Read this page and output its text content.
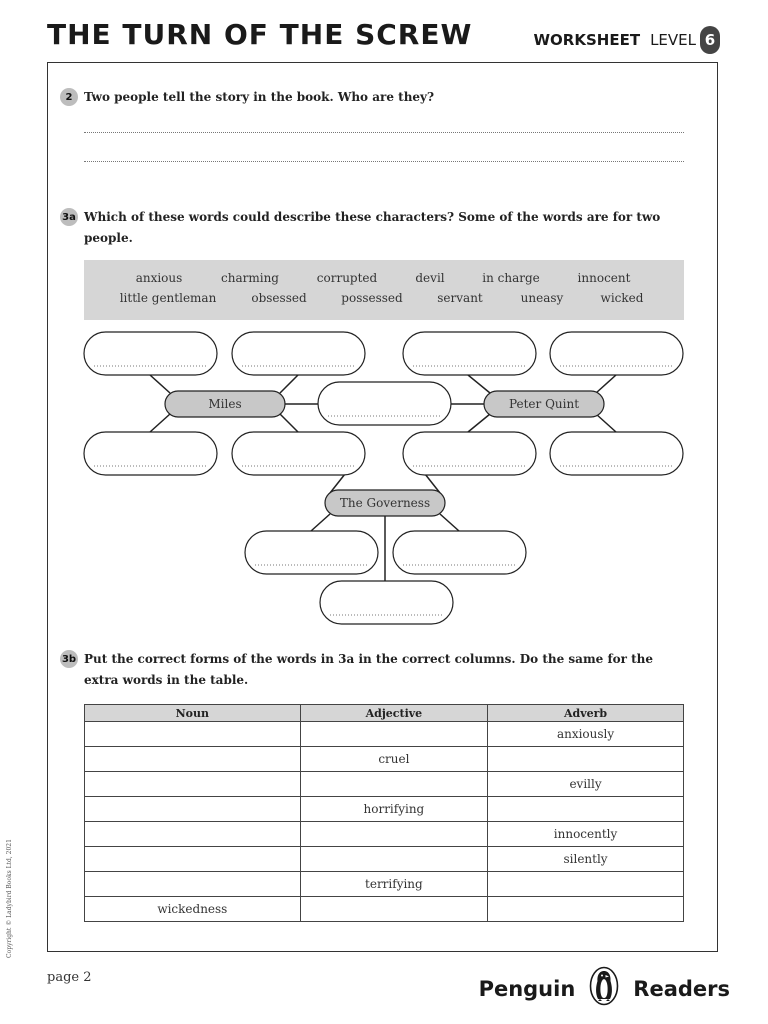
THE TURN OF THE SCREW	WORKSHEET LEVEL 6
2 Two people tell the story in the book. Who are they?
3a Which of these words could describe these characters? Some of the words are for two people.
anxious	charming	corrupted	devil	in charge	innocent
little gentleman	obsessed	possessed	servant	uneasy	wicked
Miles	Peter Quint
The Governess
3b Put the correct forms of the words in 3a in the correct columns. Do the same for the extra words in the table.
Noun	Adjective	Adverb
		anxiously
	cruel	
		evilly
	horrifying	
		innocently
		silently
	terrifying	
wickedness		
Copyright © Ladybird Books Ltd, 2021
page 2	Penguin	Readers
